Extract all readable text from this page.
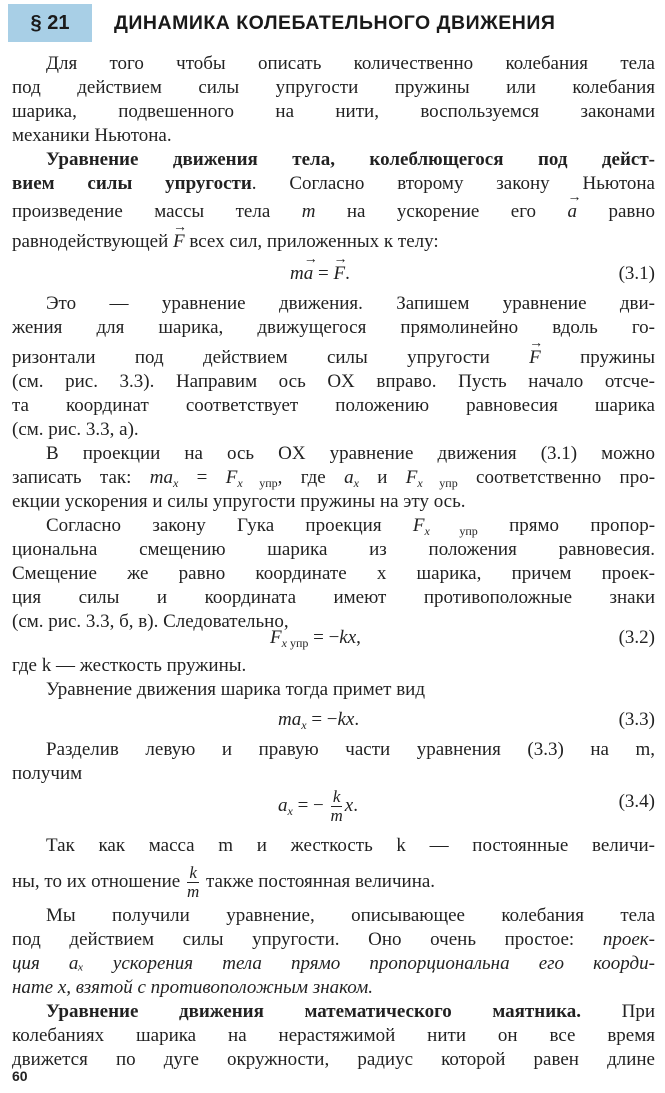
§ 21	ДИНАМИКА КОЛЕБАТЕЛЬНОГО ДВИЖЕНИЯ
Для того чтобы описать количественно колебания тела
под действием силы упругости пружины или колебания
шарика, подвешенного на нити, воспользуемся законами
механики Ньютона.
Уравнение движения тела, колеблющегося под дейст-
вием силы упругости. Согласно второму закону Ньютона
произведение массы тела m на ускорение его → a равно
равнодействующей → F всех сил, приложенных к телу:
m→ a = → F.	(3.1)
Это — уравнение движения. Запишем уравнение дви-
жения для шарика, движущегося прямолинейно вдоль го-
ризонтали под действием силы упругости → F пружины
(см. рис. 3.3). Направим ось OX вправо. Пусть начало отсче-
та координат соответствует положению равновесия шарика
(см. рис. 3.3, а).
В проекции на ось OX уравнение движения (3.1) можно
записать так: $ma_x = F_{x упр}$, где $a_x$ и $F_{x упр}$ соответственно про-
екции ускорения и силы упругости пружины на эту ось.
Согласно закону Гука проекция $F_{x упр}$ прямо пропор-
циональна смещению шарика из положения равновесия.
Смещение же равно координате x шарика, причем проек-
ция силы и координата имеют противоположные знаки
(см. рис. 3.3, б, в). Следовательно,
$F_{x упр} = -kx$,	(3.2)
где k — жесткость пружины.
Уравнение движения шарика тогда примет вид
$ma_x = -kx$.	(3.3)
Разделив левую и правую части уравнения (3.3) на m,
получим
$a_x$ = − $\frac{k}{m} x$.	(3.4)
Так как масса m и жесткость k — постоянные величи-
ны, то их отношение $\frac{k}{m}$ также постоянная величина.
Мы получили уравнение, описывающее колебания тела
под действием силы упругости. Оно очень простое: проек-
ция aₓ ускорения тела прямо пропорциональна его коорди-
нате x, взятой с противоположным знаком.
Уравнение движения математического маятника. При
колебаниях шарика на нерастяжимой нити он все время
движется по дуге окружности, радиус которой равен длине
60
